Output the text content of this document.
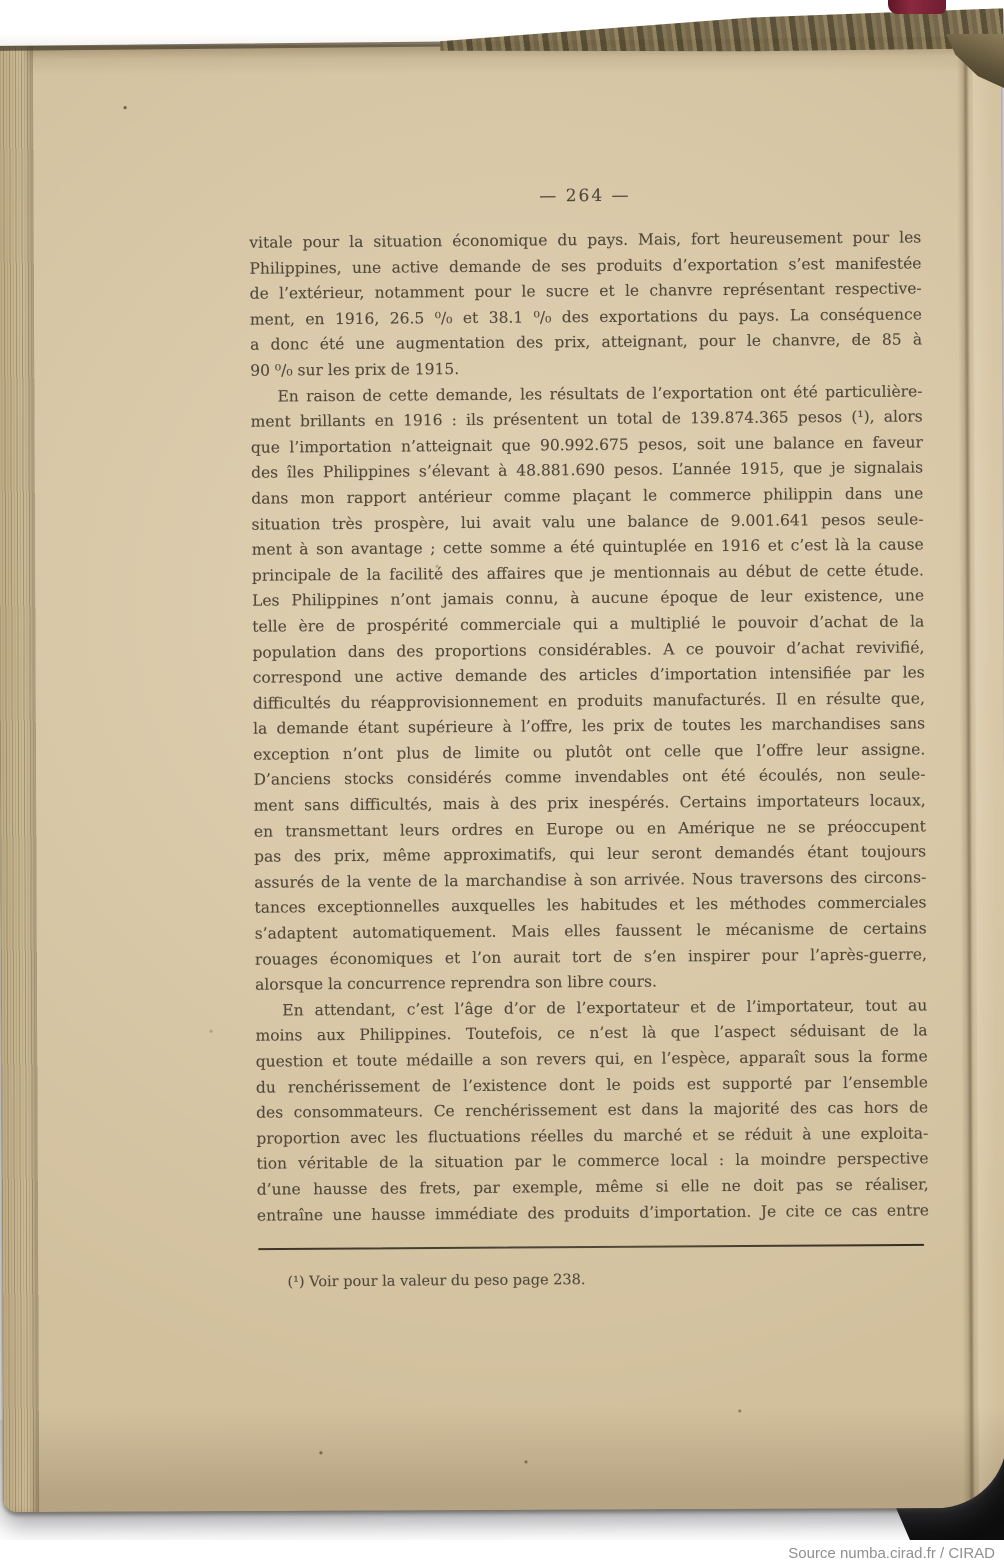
— 264 —
vitale pour la situation économique du pays. Mais, fort heureusement pour les
Philippines, une active demande de ses produits d’exportation s’est manifestée
de l’extérieur, notamment pour le sucre et le chanvre représentant respective-
ment, en 1916, 26.5 ⁰/₀ et 38.1 ⁰/₀ des exportations du pays. La conséquence
a donc été une augmentation des prix, atteignant, pour le chanvre, de 85 à
90 ⁰/₀ sur les prix de 1915.
En raison de cette demande, les résultats de l’exportation ont été particulière-
ment brillants en 1916 : ils présentent un total de 139.874.365 pesos (¹), alors
que l’importation n’atteignait que 90.992.675 pesos, soit une balance en faveur
des îles Philippines s’élevant à 48.881.690 pesos. L’année 1915, que je signalais
dans mon rapport antérieur comme plaçant le commerce philippin dans une
situation très prospère, lui avait valu une balance de 9.001.641 pesos seule-
ment à son avantage ; cette somme a été quintuplée en 1916 et c’est là la cause
principale de la facilité des affaires que je mentionnais au début de cette étude.
Les Philippines n’ont jamais connu, à aucune époque de leur existence, une
telle ère de prospérité commerciale qui a multiplié le pouvoir d’achat de la
population dans des proportions considérables. A ce pouvoir d’achat revivifié,
correspond une active demande des articles d’importation intensifiée par les
difficultés du réapprovisionnement en produits manufacturés. Il en résulte que,
la demande étant supérieure à l’offre, les prix de toutes les marchandises sans
exception n’ont plus de limite ou plutôt ont celle que l’offre leur assigne.
D’anciens stocks considérés comme invendables ont été écoulés, non seule-
ment sans difficultés, mais à des prix inespérés. Certains importateurs locaux,
en transmettant leurs ordres en Europe ou en Amérique ne se préoccupent
pas des prix, même approximatifs, qui leur seront demandés étant toujours
assurés de la vente de la marchandise à son arrivée. Nous traversons des circons-
tances exceptionnelles auxquelles les habitudes et les méthodes commerciales
s’adaptent automatiquement. Mais elles faussent le mécanisme de certains
rouages économiques et l’on aurait tort de s’en inspirer pour l’après-guerre,
alorsque la concurrence reprendra son libre cours.
En attendant, c’est l’âge d’or de l’exportateur et de l’importateur, tout au
moins aux Philippines. Toutefois, ce n’est là que l’aspect séduisant de la
question et toute médaille a son revers qui, en l’espèce, apparaît sous la forme
du renchérissement de l’existence dont le poids est supporté par l’ensemble
des consommateurs. Ce renchérissement est dans la majorité des cas hors de
proportion avec les fluctuations réelles du marché et se réduit à une exploita-
tion véritable de la situation par le commerce local : la moindre perspective
d’une hausse des frets, par exemple, même si elle ne doit pas se réaliser,
entraîne une hausse immédiate des produits d’importation. Je cite ce cas entre
(¹) Voir pour la valeur du peso page 238.
Source numba.cirad.fr / CIRAD
